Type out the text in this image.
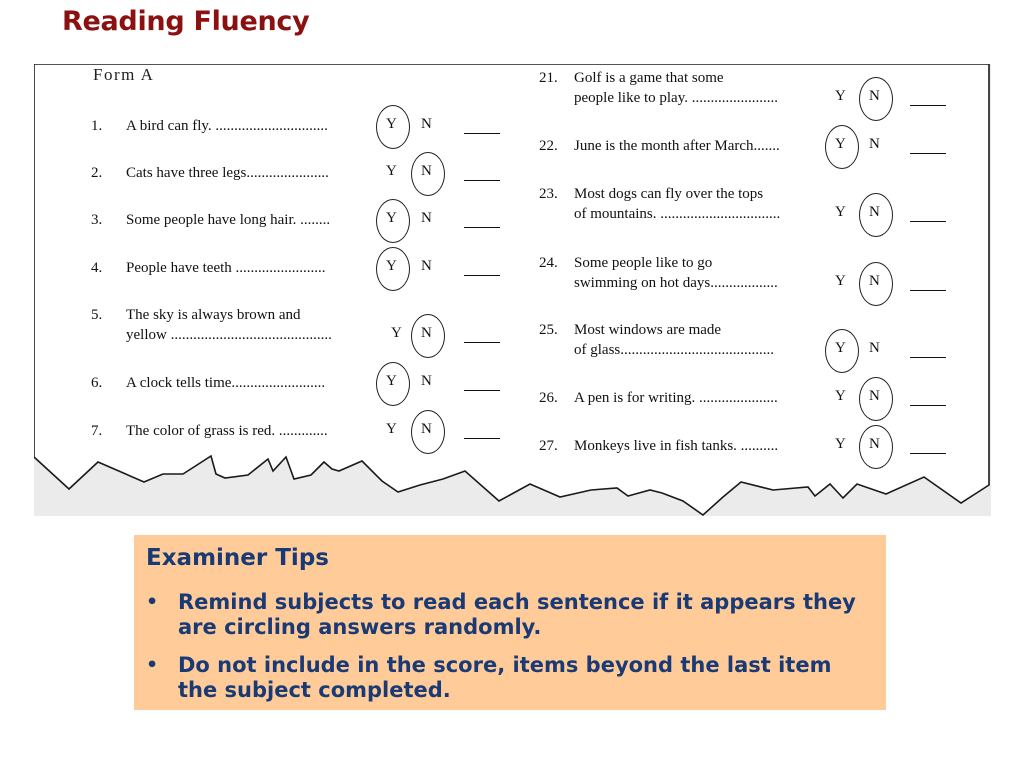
Reading Fluency
Form A
1. A bird can fly. ..............................	Y N
2. Cats have three legs......................	Y N
3. Some people have long hair. ........	Y N
4. People have teeth ........................	Y N
5. The sky is always brown and
yellow ...........................................	Y N
6. A clock tells time.........................	Y N
7. The color of grass is red. .............	Y N
21. Golf is a game that some
people like to play. .......................	Y N
22. June is the month after March.......	Y N
23. Most dogs can fly over the tops
of mountains. ................................	Y N
24. Some people like to go
swimming on hot days..................	Y N
25. Most windows are made
of glass.........................................	Y N
26. A pen is for writing. .....................	Y N
27. Monkeys live in fish tanks. ..........	Y N
Examiner Tips
• Remind subjects to read each sentence if it appears they are circling answers randomly.
• Do not include in the score, items beyond the last item the subject completed.
